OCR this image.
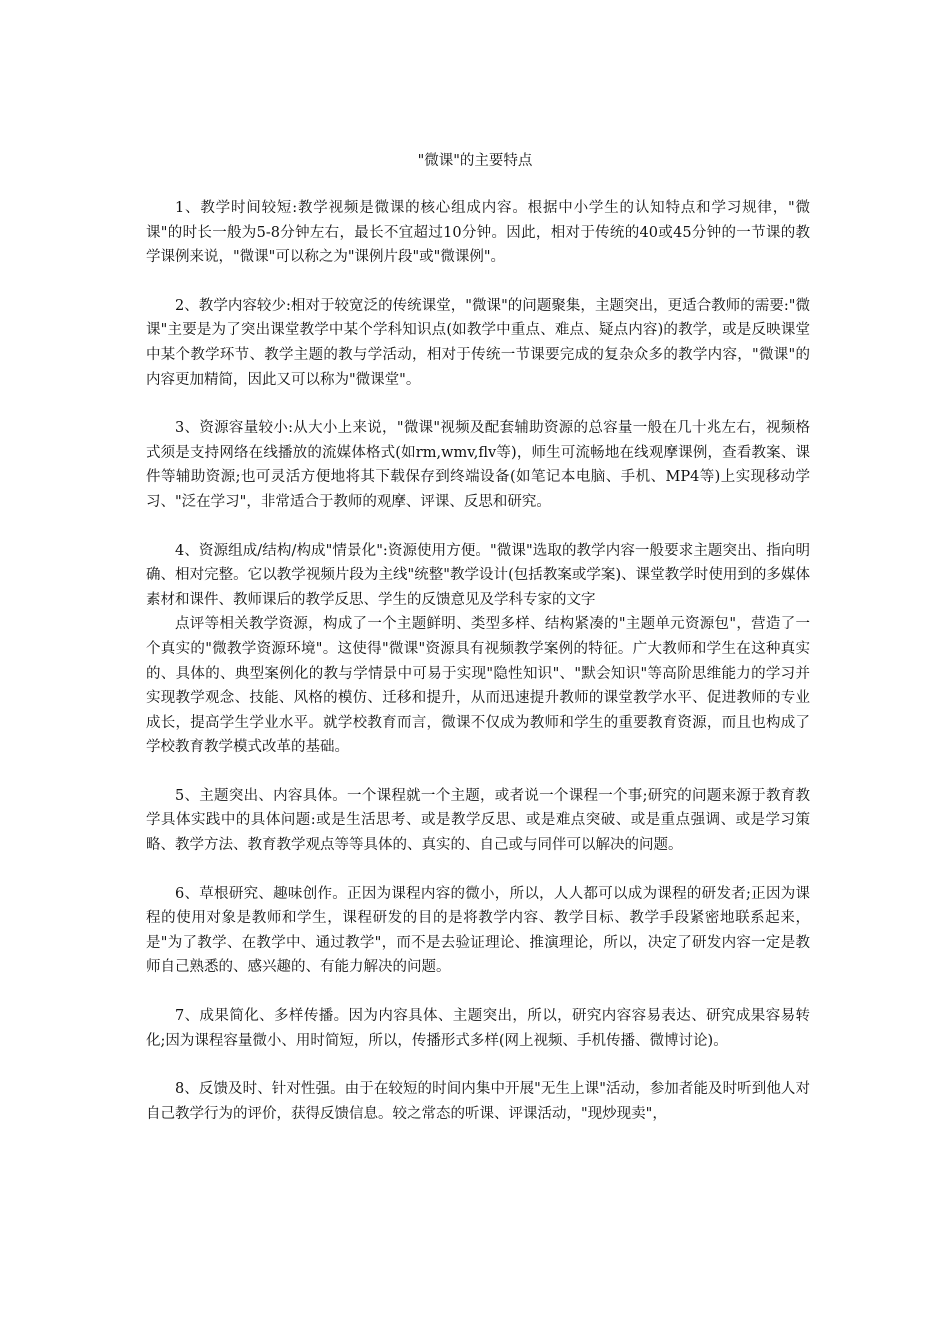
"微课"的主要特点

1、教学时间较短:教学视频是微课的核心组成内容。根据中小学生的认知特点和学习规律，"微课"的时长一般为5-8分钟左右，最长不宜超过10分钟。因此，相对于传统的40或45分钟的一节课的教学课例来说，"微课"可以称之为"课例片段"或"微课例"。

2、教学内容较少:相对于较宽泛的传统课堂，"微课"的问题聚集，主题突出，更适合教师的需要:"微课"主要是为了突出课堂教学中某个学科知识点(如教学中重点、难点、疑点内容)的教学，或是反映课堂中某个教学环节、教学主题的教与学活动，相对于传统一节课要完成的复杂众多的教学内容，"微课"的内容更加精简，因此又可以称为"微课堂"。

3、资源容量较小:从大小上来说，"微课"视频及配套辅助资源的总容量一般在几十兆左右，视频格式须是支持网络在线播放的流媒体格式(如rm,wmv,flv等)，师生可流畅地在线观摩课例，查看教案、课件等辅助资源;也可灵活方便地将其下载保存到终端设备(如笔记本电脑、手机、MP4等)上实现移动学习、"泛在学习"，非常适合于教师的观摩、评课、反思和研究。

4、资源组成/结构/构成"情景化":资源使用方便。"微课"选取的教学内容一般要求主题突出、指向明确、相对完整。它以教学视频片段为主线"统整"教学设计(包括教案或学案)、课堂教学时使用到的多媒体素材和课件、教师课后的教学反思、学生的反馈意见及学科专家的文字

点评等相关教学资源，构成了一个主题鲜明、类型多样、结构紧凑的"主题单元资源包"，营造了一个真实的"微教学资源环境"。这使得"微课"资源具有视频教学案例的特征。广大教师和学生在这种真实的、具体的、典型案例化的教与学情景中可易于实现"隐性知识"、"默会知识"等高阶思维能力的学习并实现教学观念、技能、风格的模仿、迁移和提升，从而迅速提升教师的课堂教学水平、促进教师的专业成长，提高学生学业水平。就学校教育而言，微课不仅成为教师和学生的重要教育资源，而且也构成了学校教育教学模式改革的基础。

5、主题突出、内容具体。一个课程就一个主题，或者说一个课程一个事;研究的问题来源于教育教学具体实践中的具体问题:或是生活思考、或是教学反思、或是难点突破、或是重点强调、或是学习策略、教学方法、教育教学观点等等具体的、真实的、自己或与同伴可以解决的问题。

6、草根研究、趣味创作。正因为课程内容的微小，所以，人人都可以成为课程的研发者;正因为课程的使用对象是教师和学生，课程研发的目的是将教学内容、教学目标、教学手段紧密地联系起来，是"为了教学、在教学中、通过教学"，而不是去验证理论、推演理论，所以，决定了研发内容一定是教师自己熟悉的、感兴趣的、有能力解决的问题。

7、成果简化、多样传播。因为内容具体、主题突出，所以，研究内容容易表达、研究成果容易转化;因为课程容量微小、用时简短，所以，传播形式多样(网上视频、手机传播、微博讨论)。

8、反馈及时、针对性强。由于在较短的时间内集中开展"无生上课"活动，参加者能及时听到他人对自己教学行为的评价，获得反馈信息。较之常态的听课、评课活动，"现炒现卖"，
